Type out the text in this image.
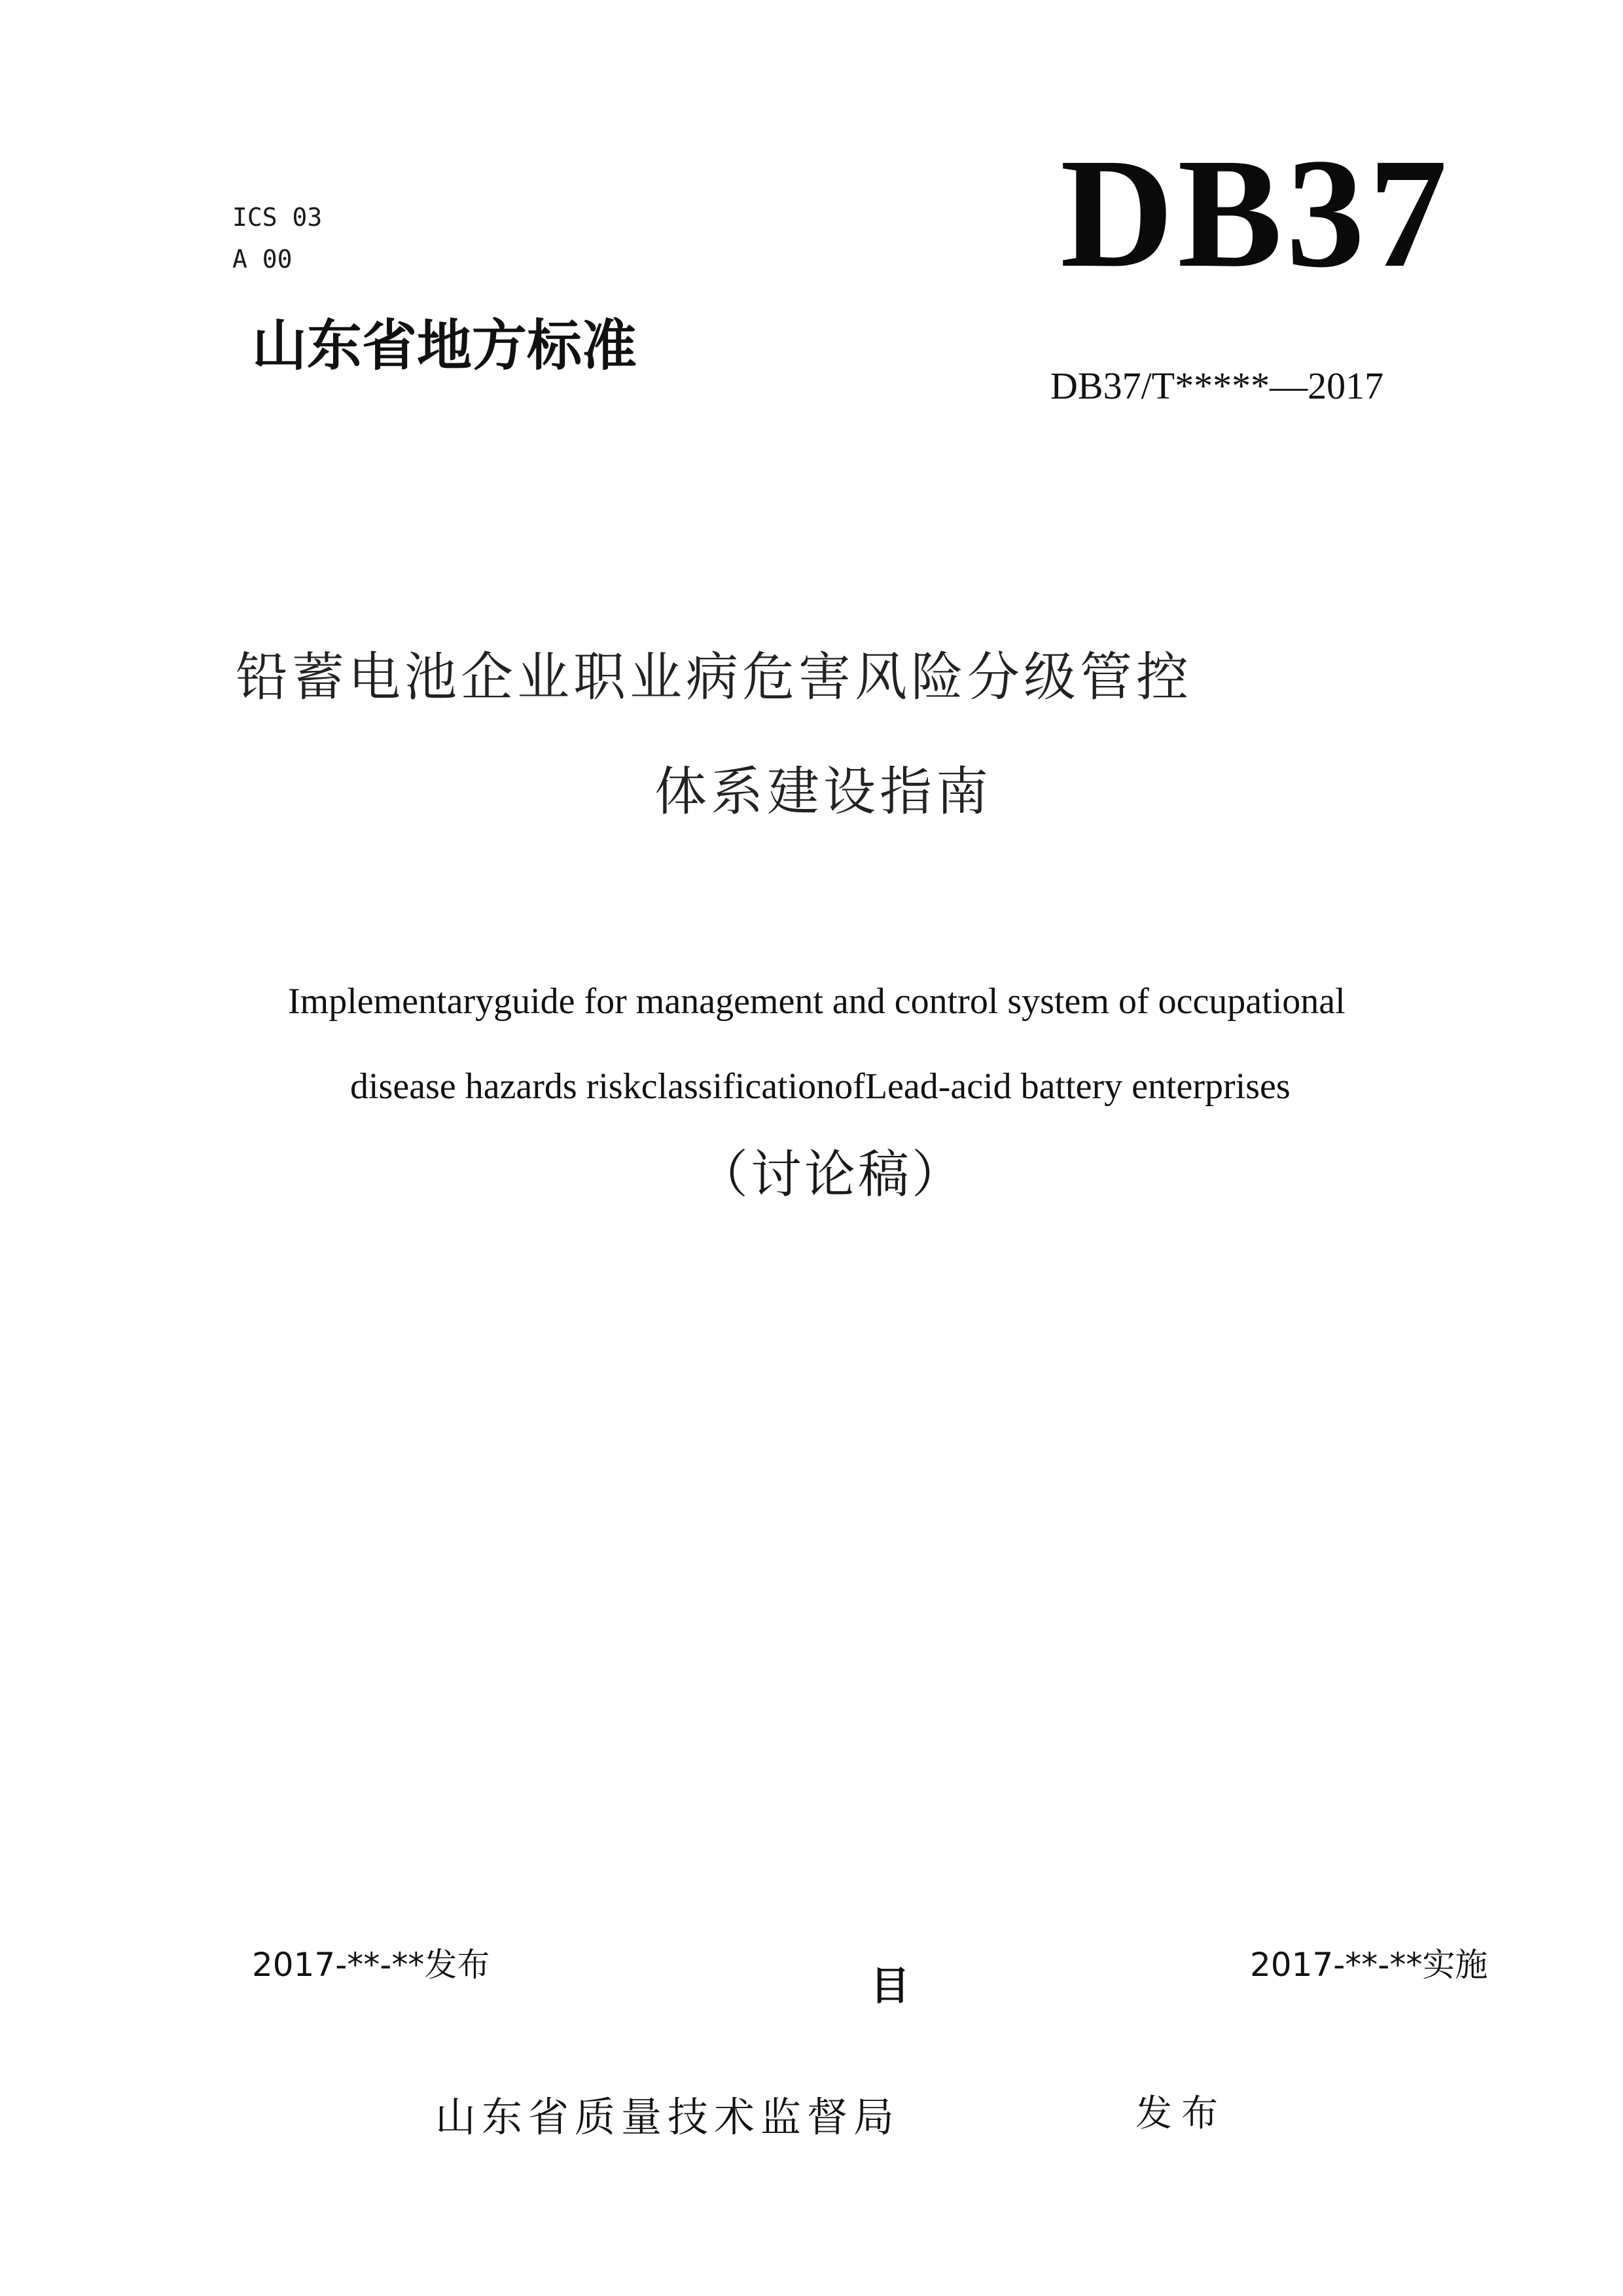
ICS 03
A 00	DB37
山东省地方标准
DB37/T*****—2017
铅蓄电池企业职业病危害风险分级管控
体系建设指南
Implementaryguide for management and control system of occupational
disease hazards riskclassificationofLead-acid battery enterprises
（讨论稿）
2017-**-**发布	目	2017-**-**实施
山东省质量技术监督局	发布
